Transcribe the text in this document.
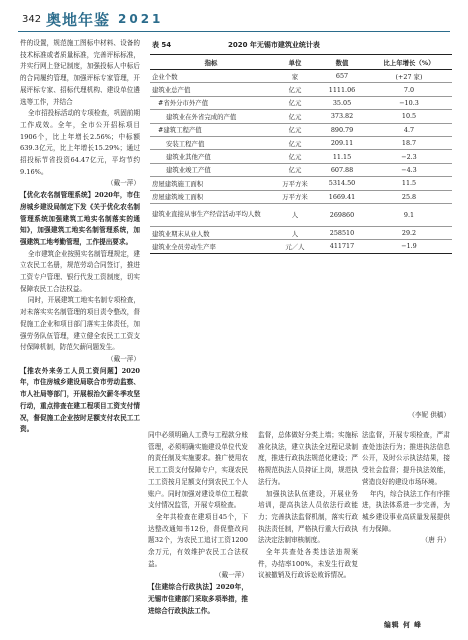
342 奥地年鉴 2021

件的设置，规范施工图标中材料、设备的技术标准或者质量标准，完善评标标准，并实行网上登记制度，加强投标人中标后的合同履约管理，加强评标专家管理，开展评标专家、招标代理机构、建设单位遴选等工作，并结合

全市招投标活动的专项检查，巩固前期工作成效。全年，全市公开招标项目1906个，比上年增长2.56%；中标额639.3亿元，比上年增长15.29%；通过招投标节省投资64.47亿元，平均节约9.16%。

（戴一萍）

【优化农名制管理系统】2020年，市住房城乡建设局制定下发《关于优化农名制管理系统加强建筑工地实名制落实的通知》，加强建筑工地实名制管理系统，加强建筑工地考勤管理，工作提出要求。

全市建筑企业按照实名制管理规定，建立农民工名册，规范劳动合同签订，推进工资专户管理、银行代发工资制度，切实保障农民工合法权益。

同时，开展建筑工地实名制专项检查，对未落实实名制管理的项目责令整改，督促施工企业和项目部门落实主体责任，加强劳务队伍管理，建立健全农民工工资支付保障机制，防范欠薪问题发生。

（戴一萍）

【推农外来务工人员工资问题】2020年，市住房城乡建设局联合市劳动监察、市人社局等部门，开展根治欠薪冬季攻坚行动，重点排查在建工程项目工资支付情况，督促施工企业按时足额支付农民工工资。

同中必须明确人工费与工程款分账管理，必须明确实施建设单位代发的责任制及实施要求。推广使用农民工工资支付保障专户，实现农民工工资按月足额支付到农民工个人账户。同时加强对建设单位工程款支付情况监管，开展专项检查。

全年共检查在建项目45个，下达整改通知书12份，督促整改问题32个，为农民工追讨工资1200余万元，有效维护农民工合法权益。

（戴一萍）

【住建综合行政执法】2020年，无锡市住建部门采取多项举措，推进综合行政执法工作。

监督，总体做好分类上墙；实施标准化执法，建立执法全过程记录制度，推进行政执法规范化建设；严格规范执法人员持证上岗，规范执法行为。

加强执法队伍建设，开展业务培训，提高执法人员依法行政能力；完善执法监督机制，落实行政执法责任制，严格执行重大行政执法决定法制审核制度。

全年共查处各类违法违规案件，办结率100%，未发生行政复议被撤销及行政诉讼败诉情况。

法监督，开展专项检查，严肃查处违法行为；推进执法信息公开，及时公示执法结果，接受社会监督；提升执法效能，营造良好的建设市场环境。

年内，综合执法工作有序推进，执法体系进一步完善，为城乡建设事业高质量发展提供有力保障。

（唐 升）

表 54	2020 年无锡市建筑业统计表
指标	单位	数值	比上年增长（%）
企业个数	家	657	(+27 家)
建筑业总产值	亿元	1111.06	7.0
#省外分市外产值	亿元	35.05	−10.3
建筑业在外省完成的产值	亿元	373.82	10.5
#建筑工程产值	亿元	890.79	4.7
安装工程产值	亿元	209.11	18.7
建筑业其他产值	亿元	11.15	−2.3
建筑业竣工产值	亿元	607.88	−4.3
房屋建筑施工面积	万平方米	5314.50	11.5
房屋建筑竣工面积	万平方米	1669.41	25.8
建筑业直接从事生产经营活动平均人数	人	269860	9.1
建筑业期末从业人数	人	258510	29.2
建筑业全员劳动生产率	元／人	411717	−1.9
（李妮 供稿）
编辑 何 峰
